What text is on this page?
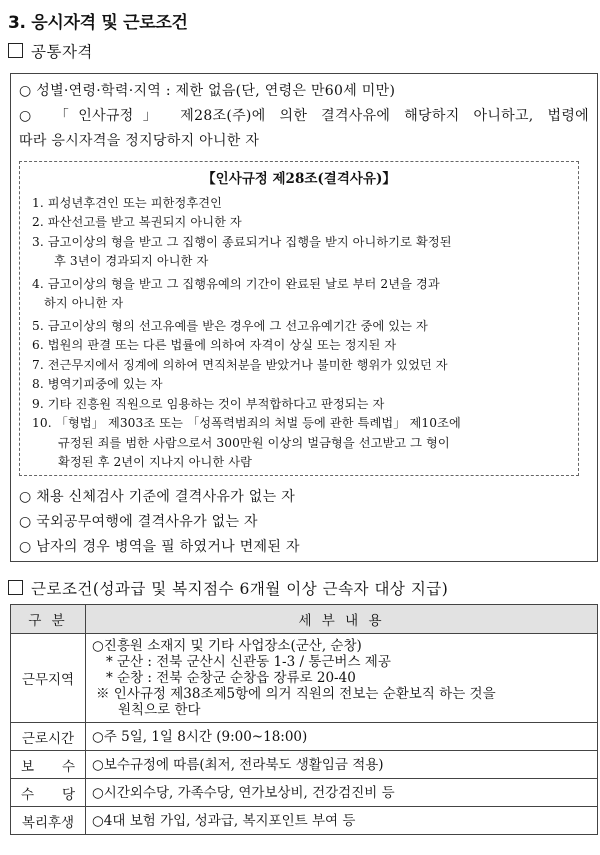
3. 응시자격 및 근로조건
공통자격
○ 성별·연령·학력·지역 : 제한 없음(단, 연령은 만60세 미만)
○ 「인사규정」 제28조(주)에 의한 결격사유에 해당하지 아니하고, 법령에
따라 응시자격을 정지당하지 아니한 자
○ 채용 신체검사 기준에 결격사유가 없는 자
○ 국외공무여행에 결격사유가 없는 자
○ 남자의 경우 병역을 필 하였거나 면제된 자
【인사규정 제28조(결격사유)】
1. 피성년후견인 또는 피한정후견인
2. 파산선고를 받고 복권되지 아니한 자
3. 금고이상의 형을 받고 그 집행이 종료되거나 집행을 받지 아니하기로 확정된
후 3년이 경과되지 아니한 자
4. 금고이상의 형을 받고 그 집행유예의 기간이 완료된 날로 부터 2년을 경과
하지 아니한 자
5. 금고이상의 형의 선고유예를 받은 경우에 그 선고유예기간 중에 있는 자
6. 법원의 판결 또는 다른 법률에 의하여 자격이 상실 또는 정지된 자
7. 전근무지에서 징계에 의하여 면직처분을 받았거나 불미한 행위가 있었던 자
8. 병역기피중에 있는 자
9. 기타 진흥원 직원으로 임용하는 것이 부적합하다고 판정되는 자
10. 「형법」 제303조 또는 「성폭력범죄의 처벌 등에 관한 특례법」 제10조에
규정된 죄를 범한 사람으로서 300만원 이상의 벌금형을 선고받고 그 형이
확정된 후 2년이 지나지 아니한 사람
근로조건(성과급 및 복지점수 6개월 이상 근속자 대상 지급)
구 분	세 부 내 용
근무지역	○진흥원 소재지 및 기타 사업장소(군산, 순창)
* 군산 : 전북 군산시 신관동 1-3 / 통근버스 제공
* 순창 : 전북 순창군 순창읍 장류로 20-40
※ 인사규정 제38조제5항에 의거 직원의 전보는 순환보직 하는 것을
원칙으로 한다

근로시간	○주 5일, 1일 8시간 (9:00~18:00)

보 수	○보수규정에 따름(최저, 전라북도 생활임금 적용)

수 당	○시간외수당, 가족수당, 연가보상비, 건강검진비 등

복리후생	○4대 보험 가입, 성과급, 복지포인트 부여 등
